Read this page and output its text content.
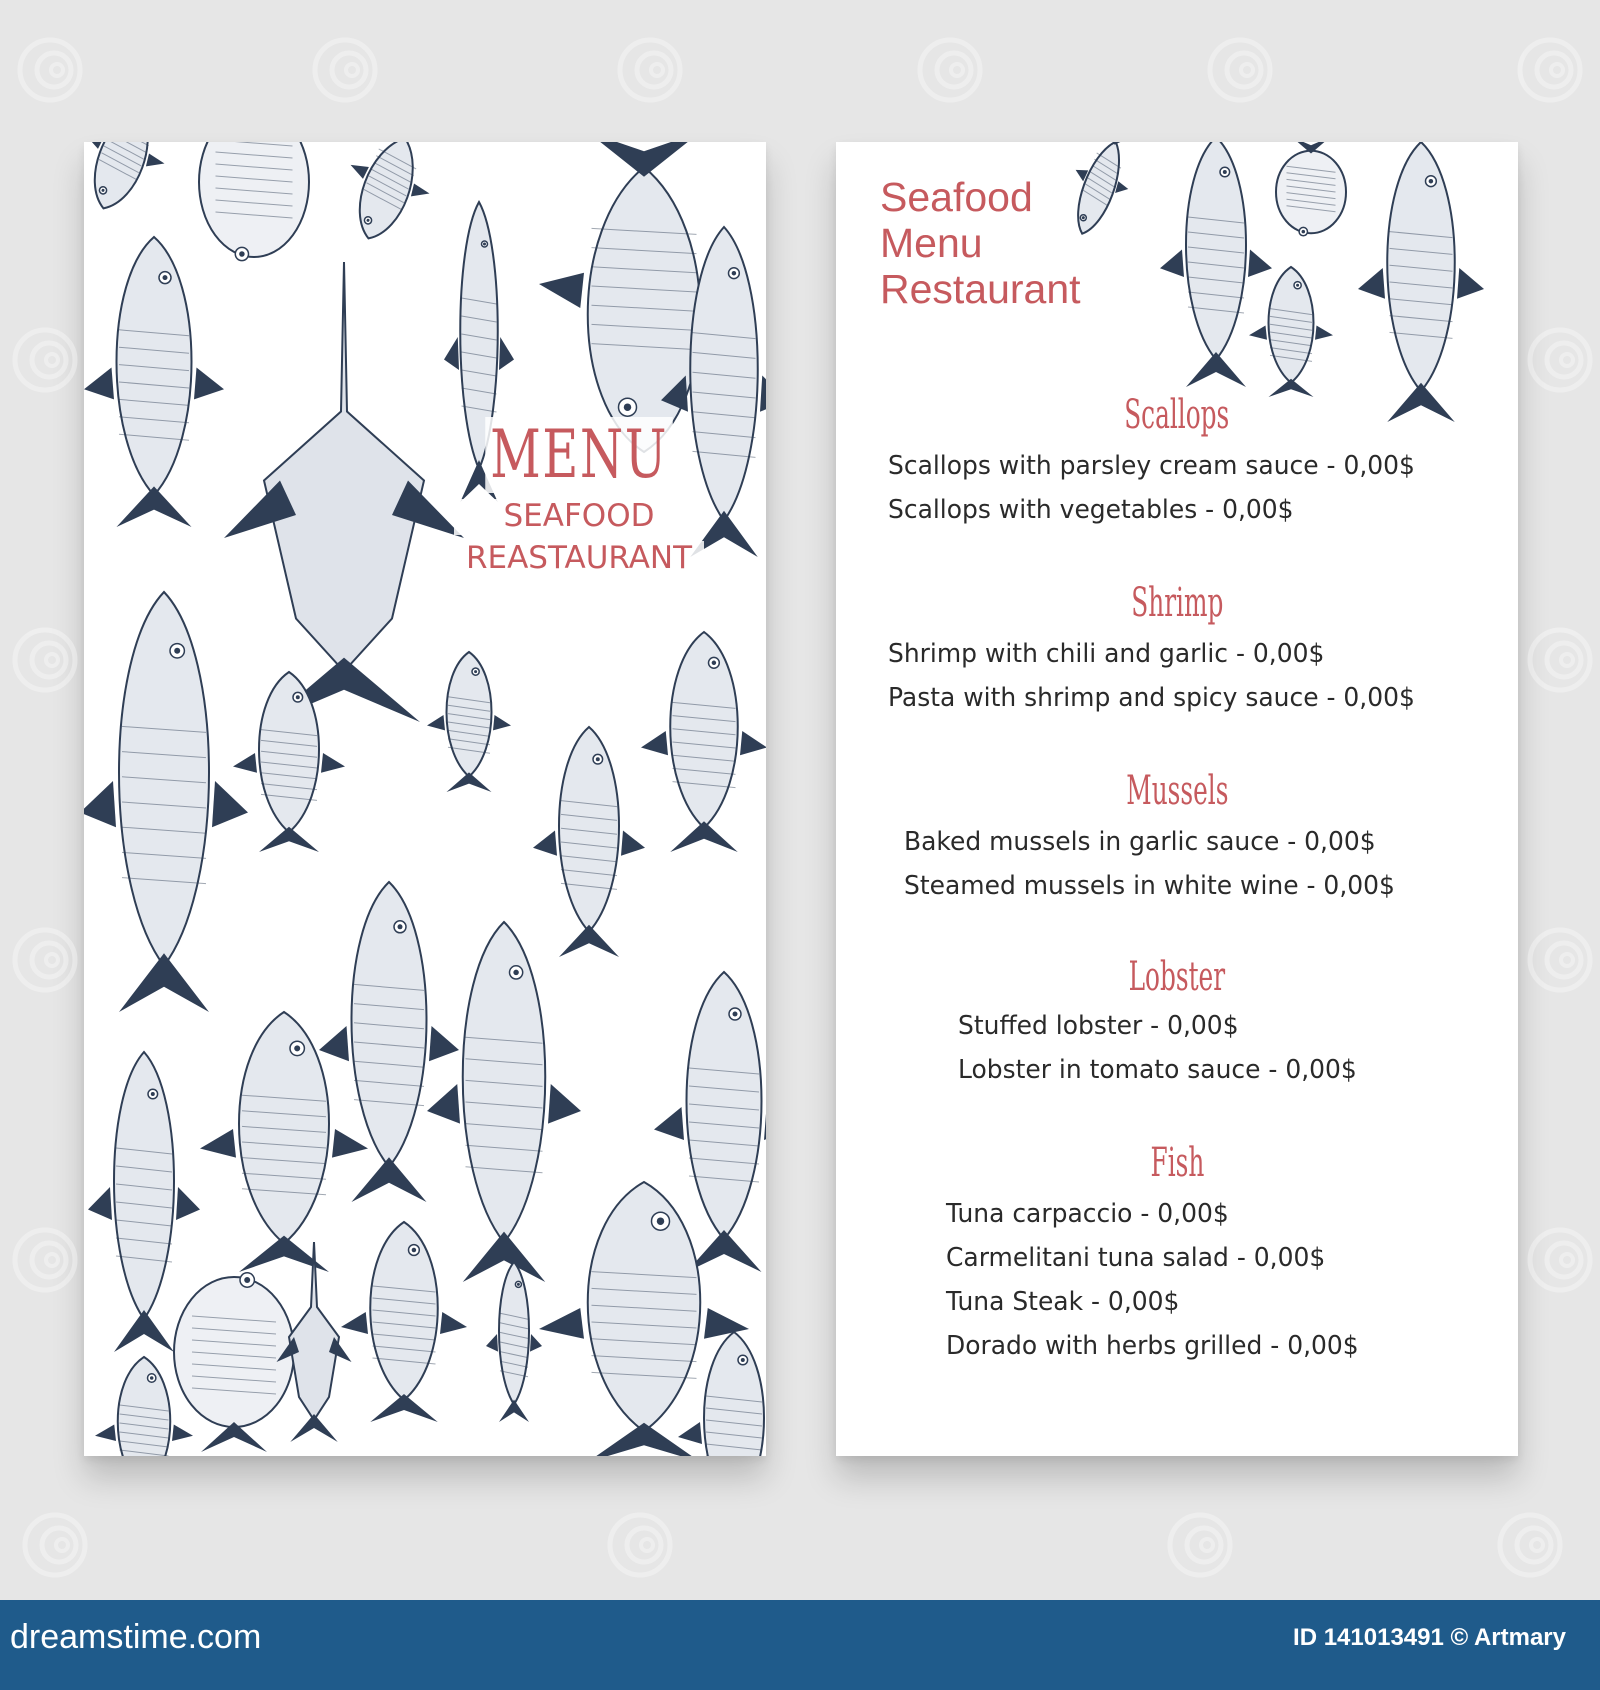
MENU
SEAFOOD
REASTAURANT
Seafood
Menu
Restaurant
Scallops
Scallops with parsley cream sauce - 0,00$
Scallops with vegetables - 0,00$
Shrimp
Shrimp with chili and garlic - 0,00$
Pasta with shrimp and spicy sauce - 0,00$
Mussels
Baked mussels in garlic sauce - 0,00$
Steamed mussels in white wine - 0,00$
Lobster
Stuffed lobster - 0,00$
Lobster in tomato sauce - 0,00$
Fish
Tuna carpaccio - 0,00$
Carmelitani tuna salad - 0,00$
Tuna Steak - 0,00$
Dorado with herbs grilled - 0,00$
dreamstime.com	ID 141013491 © Artmary
